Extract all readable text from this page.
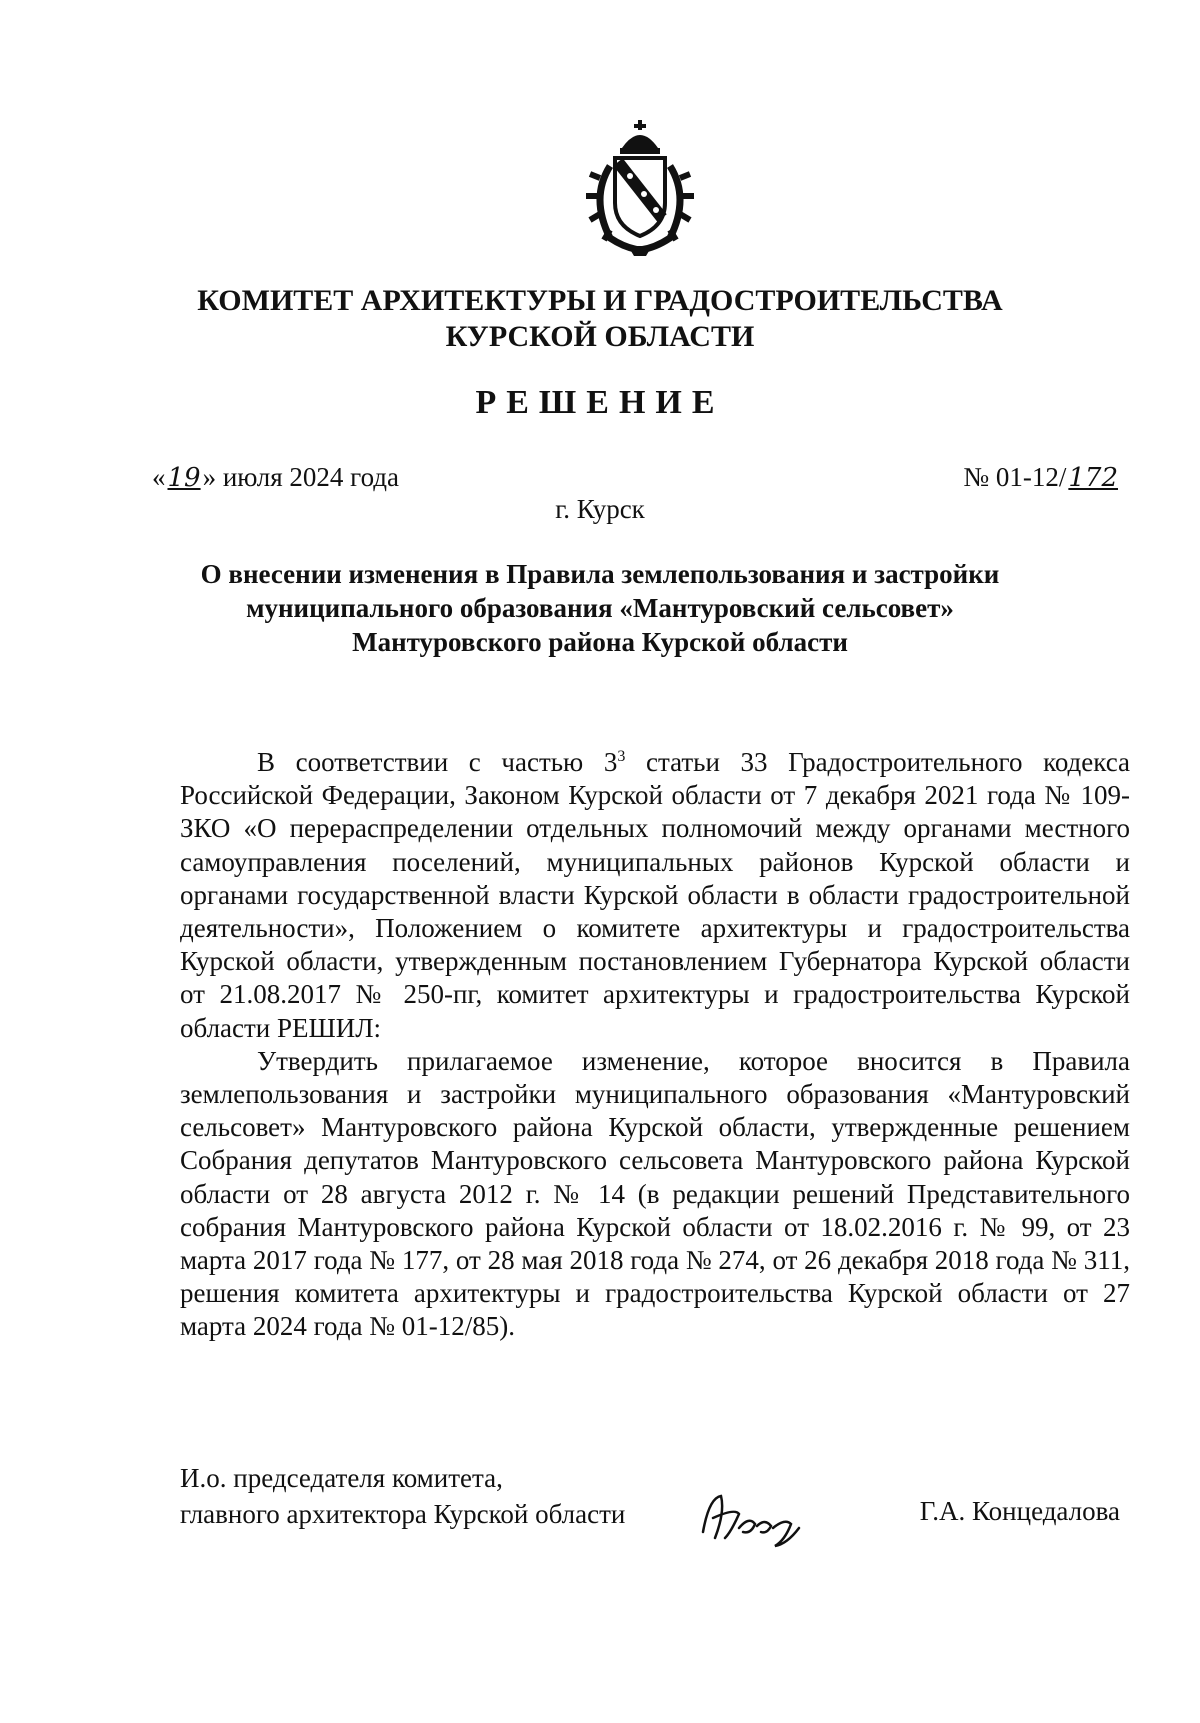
КОМИТЕТ АРХИТЕКТУРЫ И ГРАДОСТРОИТЕЛЬСТВА
КУРСКОЙ ОБЛАСТИ
РЕШЕНИЕ
«19» июля 2024 года	№ 01-12/172
г. Курск
О внесении изменения в Правила землепользования и застройки
муниципального образования «Мантуровский сельсовет»
Мантуровского района Курской области

В соответствии с частью $3^3$ статьи 33 Градостроительного кодекса Российской Федерации, Законом Курской области от 7 декабря 2021 года № 109-ЗКО «О перераспределении отдельных полномочий между органами местного самоуправления поселений, муниципальных районов Курской области и органами государственной власти Курской области в области градостроительной деятельности», Положением о комитете архитектуры и градостроительства Курской области, утвержденным постановлением Губернатора Курской области от 21.08.2017 № 250-пг, комитет архитектуры и градостроительства Курской области РЕШИЛ:

Утвердить прилагаемое изменение, которое вносится в Правила землепользования и застройки муниципального образования «Мантуровский сельсовет» Мантуровского района Курской области, утвержденные решением Собрания депутатов Мантуровского сельсовета Мантуровского района Курской области от 28 августа 2012 г. № 14 (в редакции решений Представительного собрания Мантуровского района Курской области от 18.02.2016 г. № 99, от 23 марта 2017 года № 177, от 28 мая 2018 года № 274, от 26 декабря 2018 года № 311, решения комитета архитектуры и градостроительства Курской области от 27 марта 2024 года № 01-12/85).

И.о. председателя комитета,
главного архитектора Курской области	Г.А. Концедалова
